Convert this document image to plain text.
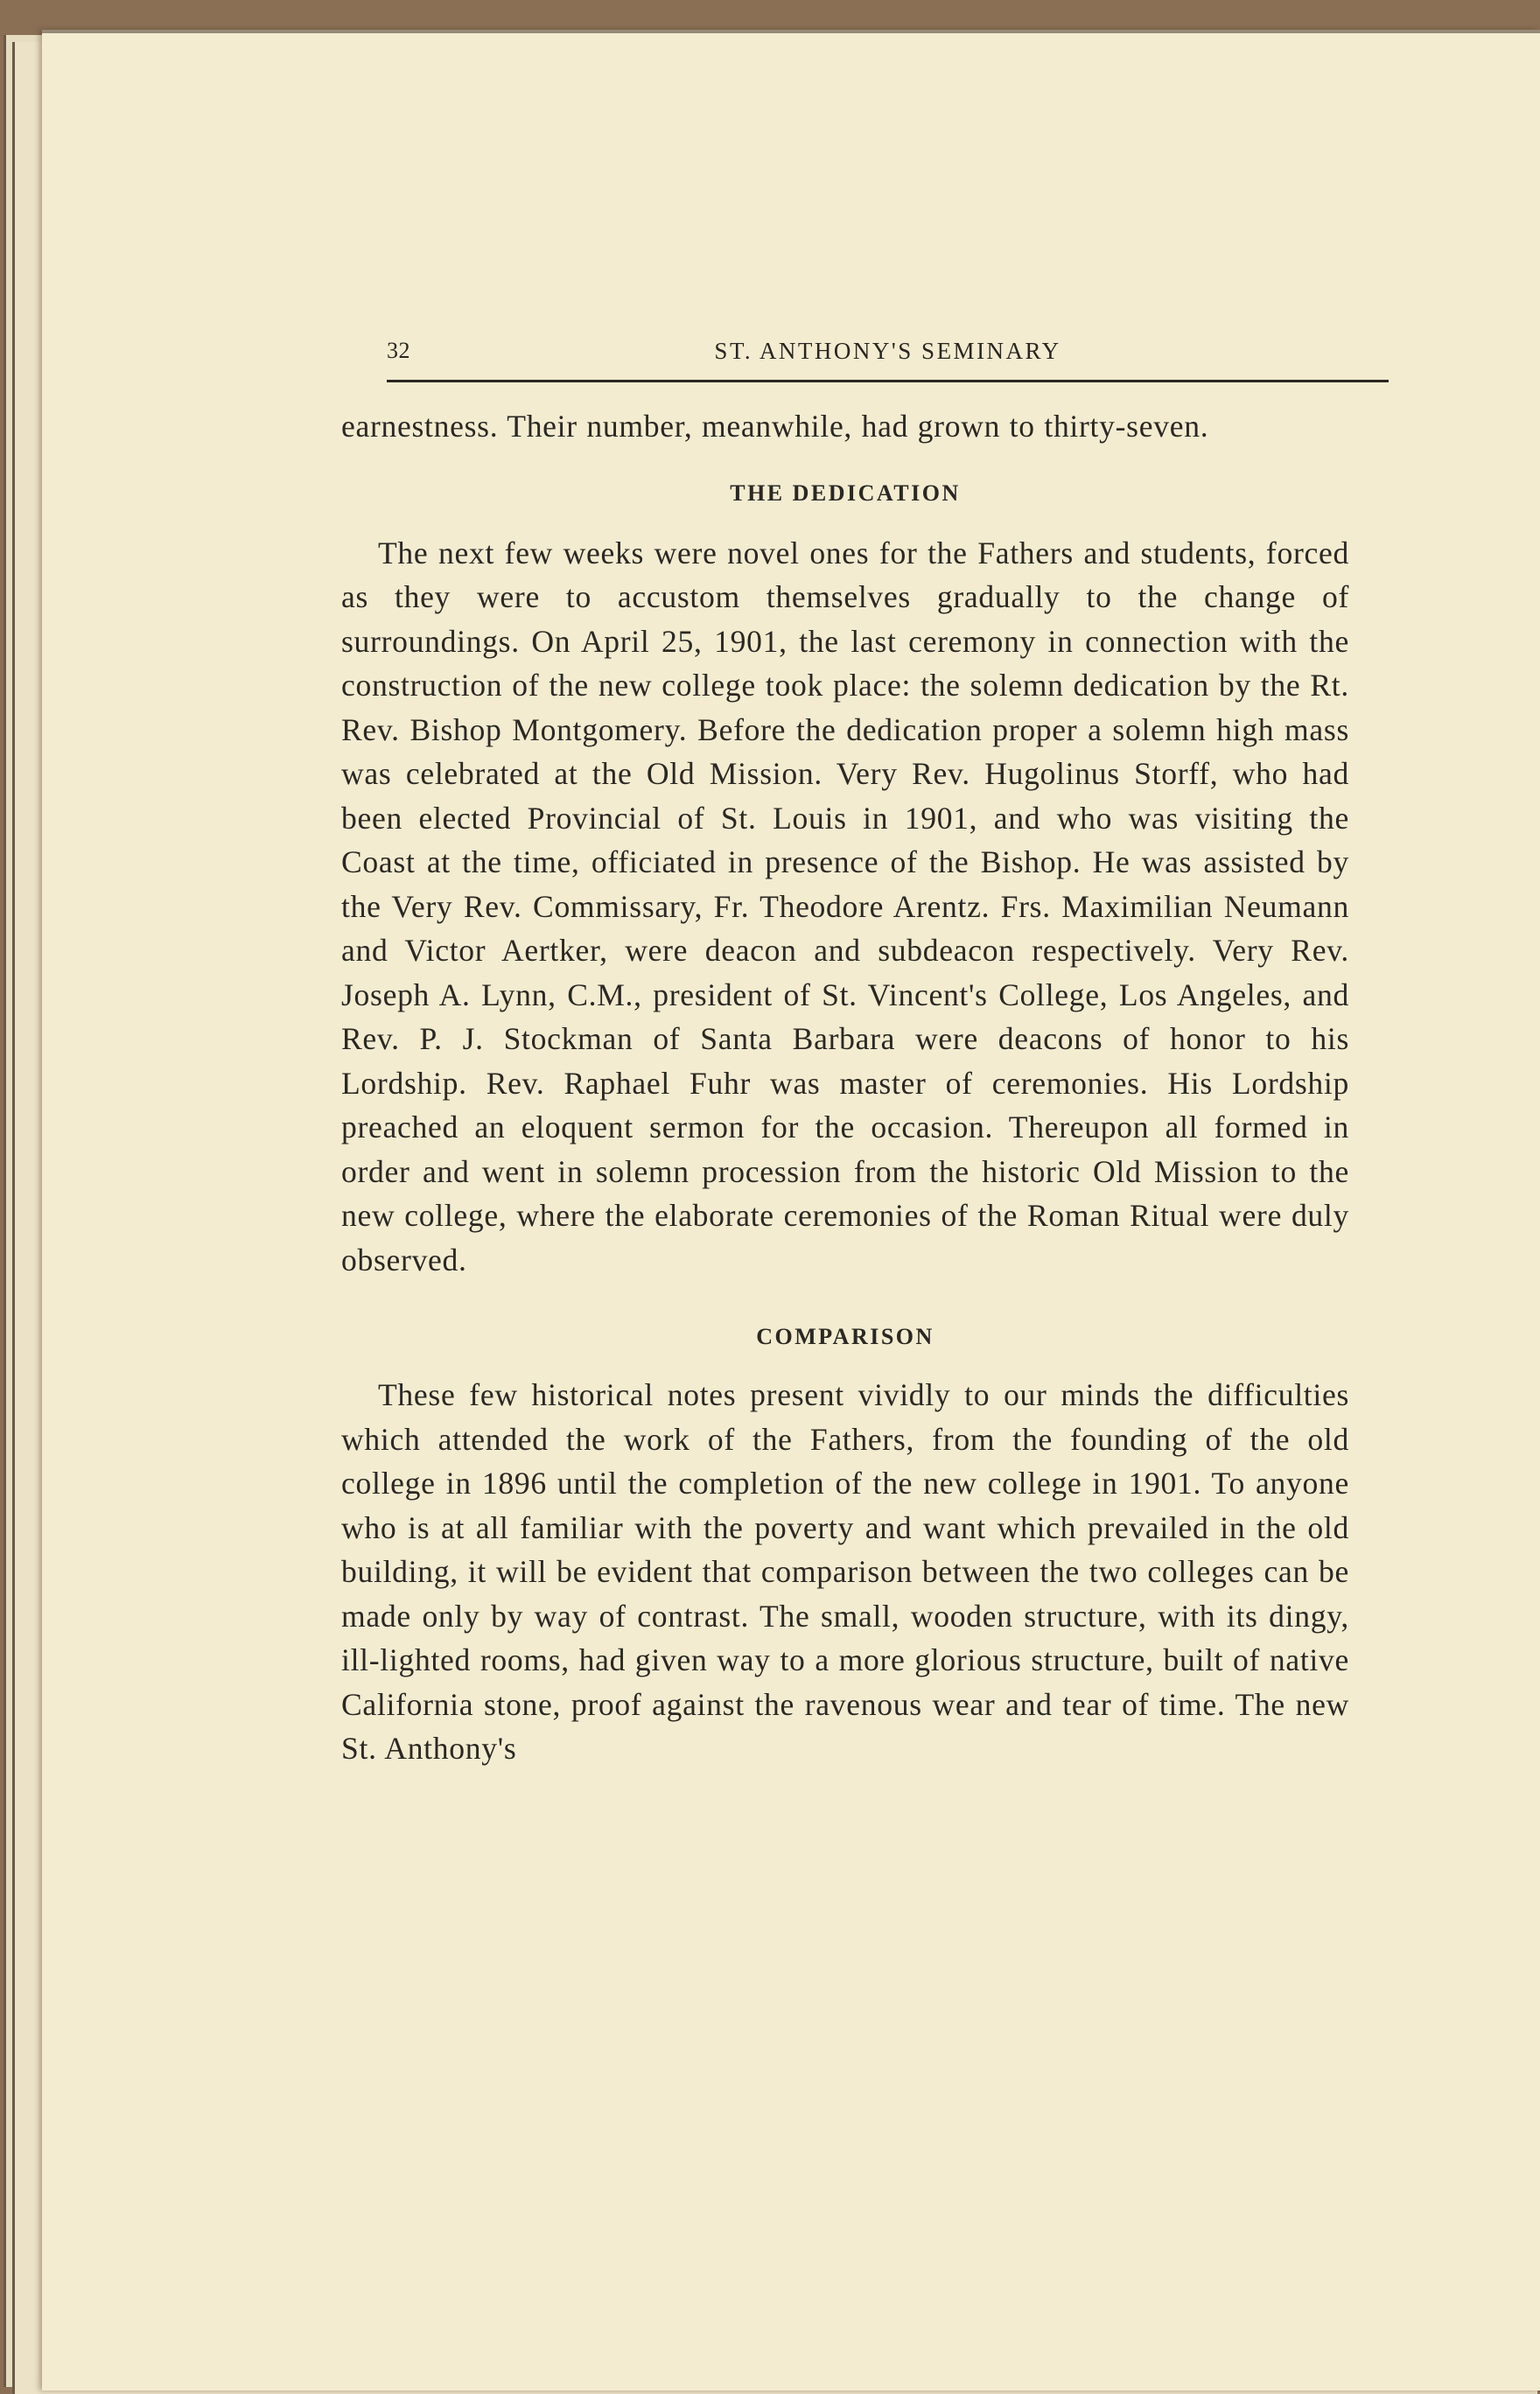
32	ST. ANTHONY'S SEMINARY

earnestness. Their number, meanwhile, had grown to thirty-seven.

THE DEDICATION

The next few weeks were novel ones for the Fathers and students, forced as they were to accustom themselves gradually to the change of surroundings. On April 25, 1901, the last ceremony in connection with the construction of the new college took place: the solemn dedication by the Rt. Rev. Bishop Montgomery. Before the dedication proper a solemn high mass was celebrated at the Old Mission. Very Rev. Hugolinus Storff, who had been elected Provincial of St. Louis in 1901, and who was visiting the Coast at the time, officiated in presence of the Bishop. He was assisted by the Very Rev. Commissary, Fr. Theodore Arentz. Frs. Maximilian Neumann and Victor Aertker, were deacon and subdeacon respectively. Very Rev. Joseph A. Lynn, C.M., president of St. Vincent's College, Los Angeles, and Rev. P. J. Stockman of Santa Barbara were deacons of honor to his Lordship. Rev. Raphael Fuhr was master of ceremonies. His Lordship preached an eloquent sermon for the occasion. Thereupon all formed in order and went in solemn procession from the historic Old Mission to the new college, where the elaborate ceremonies of the Roman Ritual were duly observed.

COMPARISON

These few historical notes present vividly to our minds the difficulties which attended the work of the Fathers, from the founding of the old college in 1896 until the completion of the new college in 1901. To anyone who is at all familiar with the poverty and want which prevailed in the old building, it will be evident that comparison between the two colleges can be made only by way of contrast. The small, wooden structure, with its dingy, ill-lighted rooms, had given way to a more glorious structure, built of native California stone, proof against the ravenous wear and tear of time. The new St. Anthony's
